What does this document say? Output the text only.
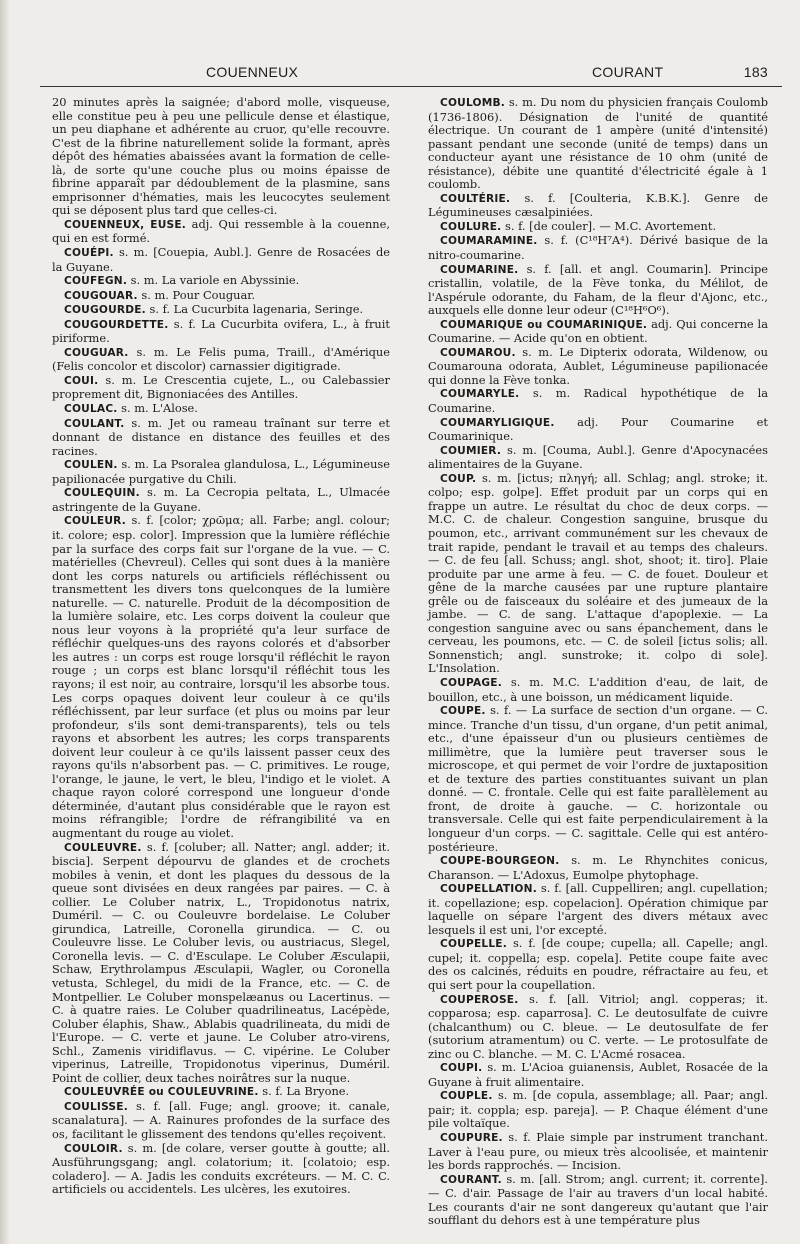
COUENNEUX	COURANT	183

20 minutes après la saignée; d'abord molle, visqueuse, elle constitue peu à peu une pellicule dense et élastique, un peu diaphane et adhérente au cruor, qu'elle recouvre. C'est de la fibrine naturellement solide la formant, après dépôt des hématies abaissées avant la formation de celle-là, de sorte qu'une couche plus ou moins épaisse de fibrine apparaît par dédoublement de la plasmine, sans emprisonner d'hématies, mais les leucocytes seulement qui se déposent plus tard que celles-ci.

COUENNEUX, EUSE. adj. Qui ressemble à la couenne, qui en est formé.

COUÉPI. s. m. [Couepia, Aubl.]. Genre de Rosacées de la Guyane.

COUFEGN. s. m. La variole en Abyssinie.

COUGOUAR. s. m. Pour Couguar.

COUGOURDE. s. f. La Cucurbita lagenaria, Seringe.

COUGOURDETTE. s. f. La Cucurbita ovifera, L., à fruit piriforme.

COUGUAR. s. m. Le Felis puma, Traill., d'Amérique (Felis concolor et discolor) carnassier digitigrade.

COUI. s. m. Le Crescentia cujete, L., ou Calebassier proprement dit, Bignoniacées des Antilles.

COULAC. s. m. L'Alose.

COULANT. s. m. Jet ou rameau traînant sur terre et donnant de distance en distance des feuilles et des racines.

COULEN. s. m. La Psoralea glandulosa, L., Légumineuse papilionacée purgative du Chili.

COULEQUIN. s. m. La Cecropia peltata, L., Ulmacée astringente de la Guyane.

COULEUR. s. f. [color; χρῶμα; all. Farbe; angl. colour; it. colore; esp. color]. Impression que la lumière réfléchie par la surface des corps fait sur l'organe de la vue. — C. matérielles (Chevreul). Celles qui sont dues à la manière dont les corps naturels ou artificiels réfléchissent ou transmettent les divers tons quelconques de la lumière naturelle. — C. naturelle. Produit de la décomposition de la lumière solaire, etc. Les corps doivent la couleur que nous leur voyons à la propriété qu'a leur surface de réfléchir quelques-uns des rayons colorés et d'absorber les autres : un corps est rouge lorsqu'il réfléchit le rayon rouge ; un corps est blanc lorsqu'il réfléchit tous les rayons; il est noir, au contraire, lorsqu'il les absorbe tous. Les corps opaques doivent leur couleur à ce qu'ils réfléchissent, par leur surface (et plus ou moins par leur profondeur, s'ils sont demi-transparents), tels ou tels rayons et absorbent les autres; les corps transparents doivent leur couleur à ce qu'ils laissent passer ceux des rayons qu'ils n'absorbent pas. — C. primitives. Le rouge, l'orange, le jaune, le vert, le bleu, l'indigo et le violet. A chaque rayon coloré correspond une longueur d'onde déterminée, d'autant plus considérable que le rayon est moins réfrangible; l'ordre de réfrangibilité va en augmentant du rouge au violet.

COULEUVRE. s. f. [coluber; all. Natter; angl. adder; it. biscia]. Serpent dépourvu de glandes et de crochets mobiles à venin, et dont les plaques du dessous de la queue sont divisées en deux rangées par paires. — C. à collier. Le Coluber natrix, L., Tropidonotus natrix, Duméril. — C. ou Couleuvre bordelaise. Le Coluber girundica, Latreille, Coronella girundica. — C. ou Couleuvre lisse. Le Coluber levis, ou austriacus, Slegel, Coronella levis. — C. d'Esculape. Le Coluber Æsculapii, Schaw, Erythrolampus Æsculapii, Wagler, ou Coronella vetusta, Schlegel, du midi de la France, etc. — C. de Montpellier. Le Coluber monspelæanus ou Lacertinus. — C. à quatre raies. Le Coluber quadrilineatus, Lacépède, Coluber élaphis, Shaw., Ablabis quadrilineata, du midi de l'Europe. — C. verte et jaune. Le Coluber atro-virens, Schl., Zamenis viridiflavus. — C. vipérine. Le Coluber viperinus, Latreille, Tropidonotus viperinus, Duméril. Point de collier, deux taches noirâtres sur la nuque.

COULEUVRÉE ou COULEUVRINE. s. f. La Bryone.

COULISSE. s. f. [all. Fuge; angl. groove; it. canale, scanalatura]. — A. Rainures profondes de la surface des os, facilitant le glissement des tendons qu'elles reçoivent.

COULOIR. s. m. [de colare, verser goutte à goutte; all. Ausführungsgang; angl. colatorium; it. [colatoio; esp. coladero]. — A. Jadis les conduits excréteurs. — M. C. C. artificiels ou accidentels. Les ulcères, les exutoires.

COULOMB. s. m. Du nom du physicien français Coulomb (1736-1806). Désignation de l'unité de quantité électrique. Un courant de 1 ampère (unité d'intensité) passant pendant une seconde (unité de temps) dans un conducteur ayant une résistance de 10 ohm (unité de résistance), débite une quantité d'électricité égale à 1 coulomb.

COULTÉRIE. s. f. [Coulteria, K.B.K.]. Genre de Légumineuses cæsalpiniées.

COULURE. s. f. [de couler]. — M.C. Avortement.

COUMARAMINE. s. f. (C¹⁸H⁷A⁴). Dérivé basique de la nitro-coumarine.

COUMARINE. s. f. [all. et angl. Coumarin]. Principe cristallin, volatile, de la Fève tonka, du Mélilot, de l'Aspérule odorante, du Faham, de la fleur d'Ajonc, etc., auxquels elle donne leur odeur (C¹⁸H⁶O⁶).

COUMARIQUE ou COUMARINIQUE. adj. Qui concerne la Coumarine. — Acide qu'on en obtient.

COUMAROU. s. m. Le Dipterix odorata, Wildenow, ou Coumarouna odorata, Aublet, Légumineuse papilionacée qui donne la Fève tonka.

COUMARYLE. s. m. Radical hypothétique de la Coumarine.

COUMARYLIGIQUE. adj. Pour Coumarine et Coumarinique.

COUMIER. s. m. [Couma, Aubl.]. Genre d'Apocynacées alimentaires de la Guyane.

COUP. s. m. [ictus; πληγή; all. Schlag; angl. stroke; it. colpo; esp. golpe]. Effet produit par un corps qui en frappe un autre. Le résultat du choc de deux corps. — M.C. C. de chaleur. Congestion sanguine, brusque du poumon, etc., arrivant communément sur les chevaux de trait rapide, pendant le travail et au temps des chaleurs. — C. de feu [all. Schuss; angl. shot, shoot; it. tiro]. Plaie produite par une arme à feu. — C. de fouet. Douleur et gêne de la marche causées par une rupture plantaire grêle ou de faisceaux du soléaire et des jumeaux de la jambe. — C. de sang. L'attaque d'apoplexie. — La congestion sanguine avec ou sans épanchement, dans le cerveau, les poumons, etc. — C. de soleil [ictus solis; all. Sonnenstich; angl. sunstroke; it. colpo di sole]. L'Insolation.

COUPAGE. s. m. M.C. L'addition d'eau, de lait, de bouillon, etc., à une boisson, un médicament liquide.

COUPE. s. f. — La surface de section d'un organe. — C. mince. Tranche d'un tissu, d'un organe, d'un petit animal, etc., d'une épaisseur d'un ou plusieurs centièmes de millimètre, que la lumière peut traverser sous le microscope, et qui permet de voir l'ordre de juxtaposition et de texture des parties constituantes suivant un plan donné. — C. frontale. Celle qui est faite parallèlement au front, de droite à gauche. — C. horizontale ou transversale. Celle qui est faite perpendiculairement à la longueur d'un corps. — C. sagittale. Celle qui est antéro-postérieure.

COUPE-BOURGEON. s. m. Le Rhynchites conicus, Charanson. — L'Adoxus, Eumolpe phytophage.

COUPELLATION. s. f. [all. Cuppelliren; angl. cupellation; it. copellazione; esp. copelacion]. Opération chimique par laquelle on sépare l'argent des divers métaux avec lesquels il est uni, l'or excepté.

COUPELLE. s. f. [de coupe; cupella; all. Capelle; angl. cupel; it. coppella; esp. copela]. Petite coupe faite avec des os calcinés, réduits en poudre, réfractaire au feu, et qui sert pour la coupellation.

COUPEROSE. s. f. [all. Vitriol; angl. copperas; it. copparosa; esp. caparrosa]. C. Le deutosulfate de cuivre (chalcanthum) ou C. bleue. — Le deutosulfate de fer (sutorium atramentum) ou C. verte. — Le protosulfate de zinc ou C. blanche. — M. C. L'Acmé rosacea.

COUPI. s. m. L'Acioa guianensis, Aublet, Rosacée de la Guyane à fruit alimentaire.

COUPLE. s. m. [de copula, assemblage; all. Paar; angl. pair; it. coppla; esp. pareja]. — P. Chaque élément d'une pile voltaïque.

COUPURE. s. f. Plaie simple par instrument tranchant. Laver à l'eau pure, ou mieux très alcoolisée, et maintenir les bords rapprochés. — Incision.

COURANT. s. m. [all. Strom; angl. current; it. corrente]. — C. d'air. Passage de l'air au travers d'un local habité. Les courants d'air ne sont dangereux qu'autant que l'air soufflant du dehors est à une température plus
